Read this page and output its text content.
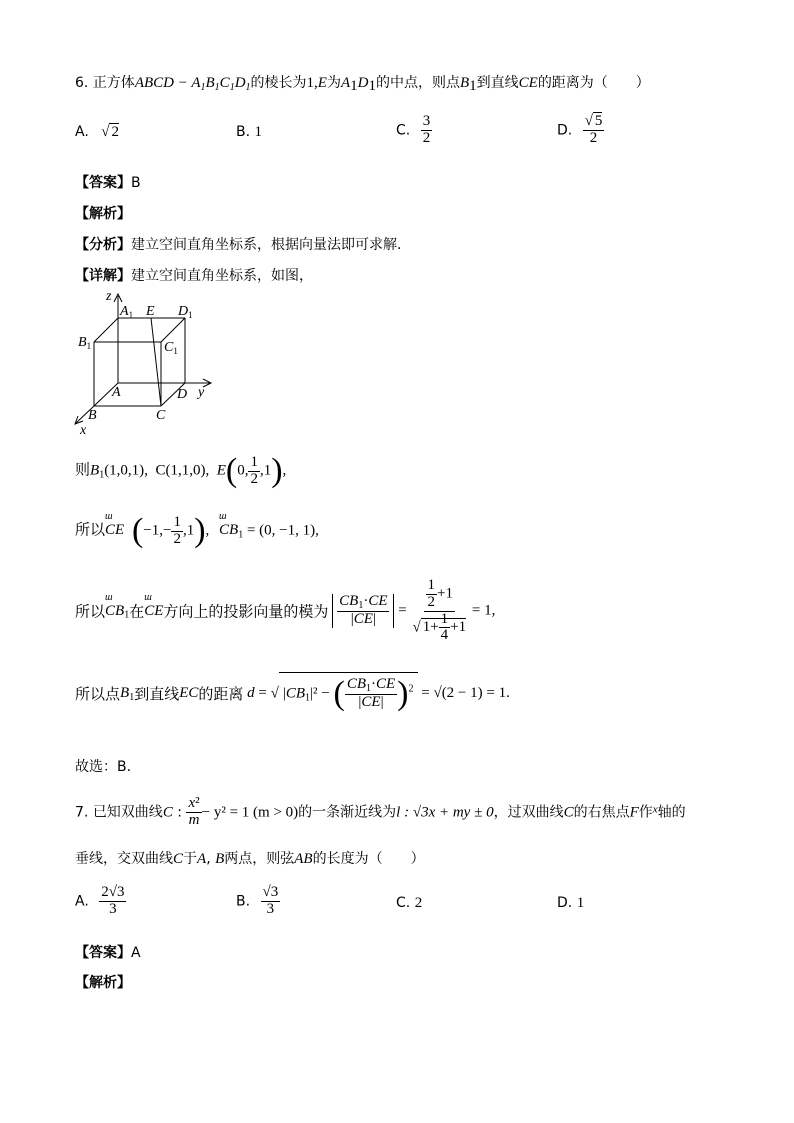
6. 正方体ABCD − $A_1B_1C_1D_1$的棱长为1,E为$A_1D_1$的中点，则点$B_1$到直线CE的距离为（　　）
A. √ 2	B. 1	C. $\frac{3}{2}$	D. $\frac{√ 5}{2}$
【答案】B
【解析】
【分析】建立空间直角坐标系，根据向量法即可求解.
【详解】建立空间直角坐标系，如图，
z
$A_1$ E $D_1$
$B_1$	$C_1$
A	D y
B	C
x
则$B_1(1,0,1)$,  C(1,1,0),  E(0, $\frac{1}{2} ,1$),
所以ш CE $(-1,- \frac{1}{2} ,1)$, ш $CB_1 = (0$, −1, 1),
所以ш $CB_1$在ш CE方向上的投影向量的模为 $\frac{CB_1\cdot CE}{|CE|} = \frac{\frac{1}{2} +1}{√ 1+ \frac{1}{4} +1} = 1$,
所以点$B_1$到直线EC的距离 d = √ $|CB_1|^2$ − ( $\frac{CB_1\cdot CE}{|CE|} )^2 = √(2 - 1) = 1$.
故选：B.
7. 已知双曲线C : $\frac{\text{x²}}{m} - y^2 = 1$ (m > 0)的一条渐近线为l : √3x + my ± 0，过双曲线C的右焦点F作$^x$轴的
垂线，交双曲线C于A, B两点，则弦AB的长度为（　　）
A. $\frac{2√3}{3}$	B. $\frac{√3}{3}$	C. 2	D. 1
【答案】A
【解析】
